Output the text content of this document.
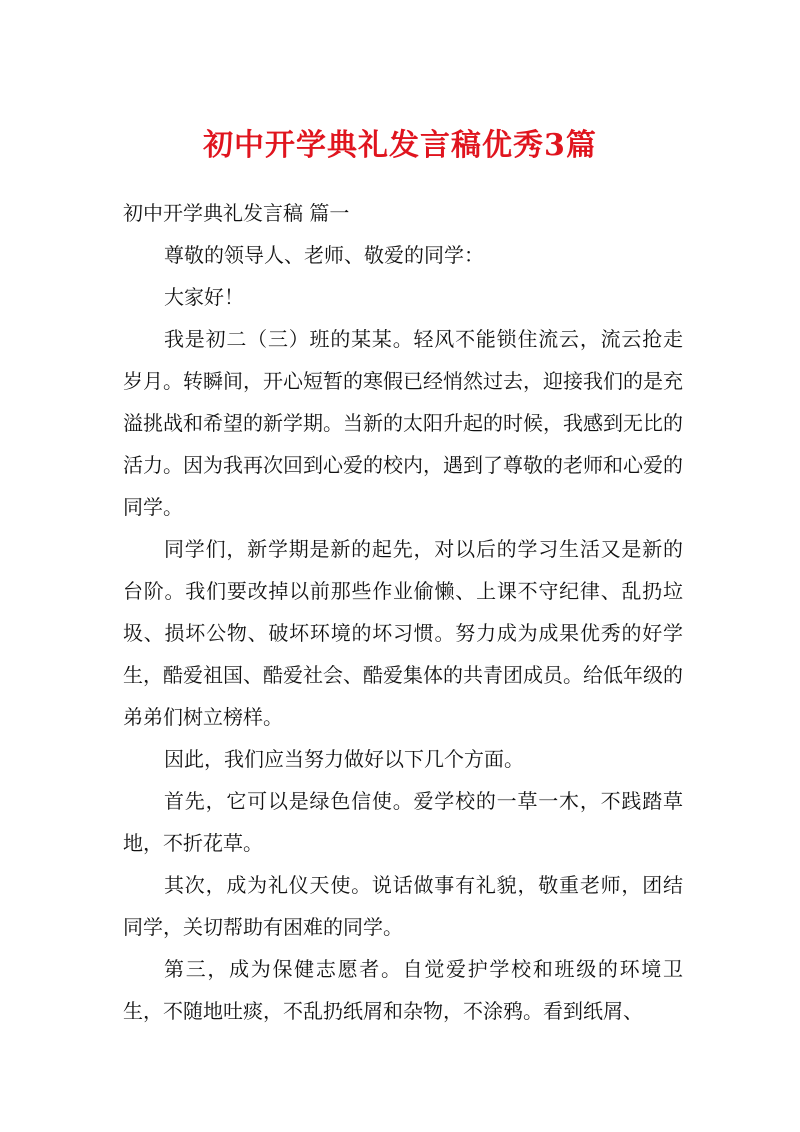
初中开学典礼发言稿优秀3篇

初中开学典礼发言稿 篇一

尊敬的领导人、老师、敬爱的同学：

大家好！

我是初二（三）班的某某。轻风不能锁住流云，流云抢走岁月。转瞬间，开心短暂的寒假已经悄然过去，迎接我们的是充溢挑战和希望的新学期。当新的太阳升起的时候，我感到无比的活力。因为我再次回到心爱的校内，遇到了尊敬的老师和心爱的同学。

同学们，新学期是新的起先，对以后的学习生活又是新的台阶。我们要改掉以前那些作业偷懒、上课不守纪律、乱扔垃圾、损坏公物、破坏环境的坏习惯。努力成为成果优秀的好学生，酷爱祖国、酷爱社会、酷爱集体的共青团成员。给低年级的弟弟们树立榜样。

因此，我们应当努力做好以下几个方面。

首先，它可以是绿色信使。爱学校的一草一木，不践踏草地，不折花草。

其次，成为礼仪天使。说话做事有礼貌，敬重老师，团结同学，关切帮助有困难的同学。

第三，成为保健志愿者。自觉爱护学校和班级的环境卫生，不随地吐痰，不乱扔纸屑和杂物，不涂鸦。看到纸屑、
